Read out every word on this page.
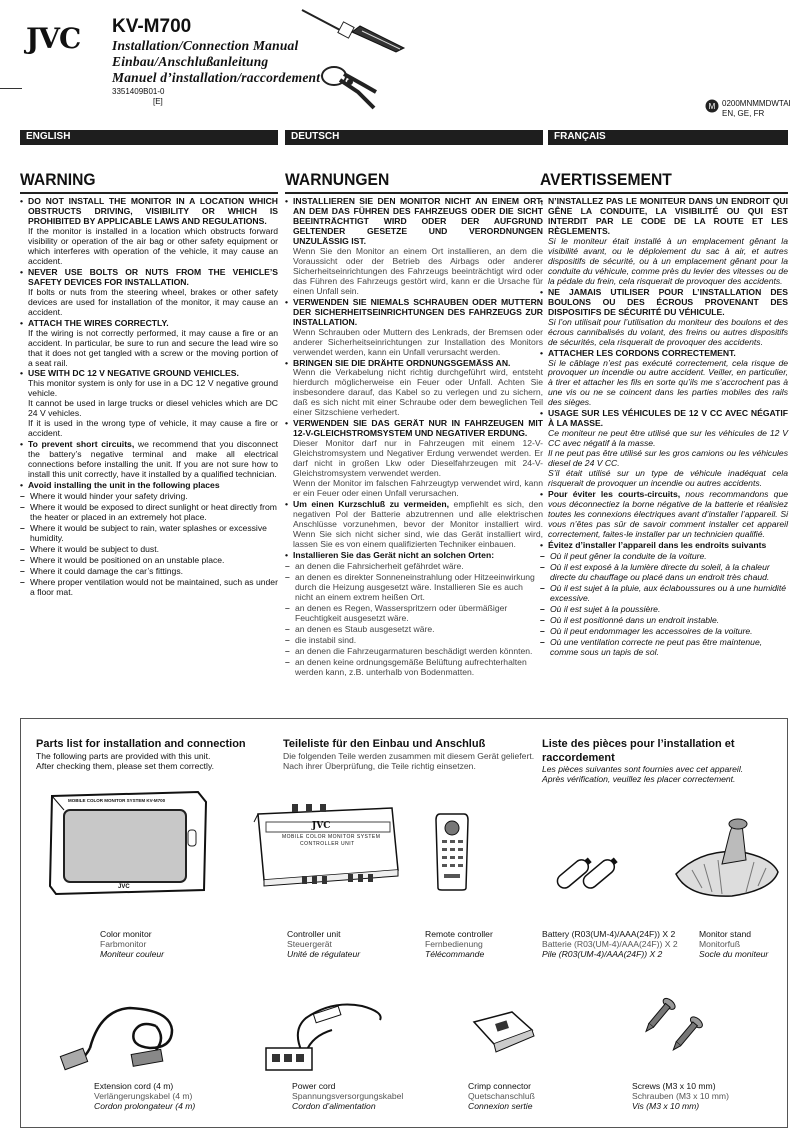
JVC KV-M700
Installation/Connection Manual
Einbau/Anschlußanleitung
Manuel d’installation/raccordement
3351409B01-0
[E]
M 0200MNMMDWTAI
EN, GE, FR
ENGLISH	DEUTSCH	FRANÇAIS
WARNING	WARNUNGEN	AVERTISSEMENT
• DO NOT INSTALL THE MONITOR IN A LOCATION WHICH OBSTRUCTS DRIVING, VISIBILITY OR WHICH IS PROHIBITED BY APPLICABLE LAWS AND REGULATIONS.
If the monitor is installed in a location which obstructs forward visibility or operation of the air bag or other safety equipment or which interferes with operation of the vehicle, it may cause an accident.
• NEVER USE BOLTS OR NUTS FROM THE VEHICLE’S SAFETY DEVICES FOR INSTALLATION.
If bolts or nuts from the steering wheel, brakes or other safety devices are used for installation of the monitor, it may cause an accident.
• ATTACH THE WIRES CORRECTLY.
If the wiring is not correctly performed, it may cause a fire or an accident. In particular, be sure to run and secure the lead wire so that it does not get tangled with a screw or the moving portion of a seat rail.
• USE WITH DC 12 V NEGATIVE GROUND VEHICLES.
This monitor system is only for use in a DC 12 V negative ground vehicle.
It cannot be used in large trucks or diesel vehicles which are DC 24 V vehicles.
If it is used in the wrong type of vehicle, it may cause a fire or accident.
• To prevent short circuits, we recommend that you disconnect the battery’s negative terminal and make all electrical connections before installing the unit. If you are not sure how to install this unit correctly, have it installed by a qualified technician.
• Avoid installing the unit in the following places
– Where it would hinder your safety driving.
– Where it would be exposed to direct sunlight or heat directly from the heater or placed in an extremely hot place.
– Where it would be subject to rain, water splashes or excessive humidity.
– Where it would be subject to dust.
– Where it would be positioned on an unstable place.
– Where it could damage the car’s fittings.
– Where proper ventilation would not be maintained, such as under a floor mat.
• INSTALLIEREN SIE DEN MONITOR NICHT AN EINEM ORT, AN DEM DAS FÜHREN DES FAHRZEUGS ODER DIE SICHT BEEINTRÄCHTIGT WIRD ODER DER AUFGRUND GELTENDER GESETZE UND VERORDNUNGEN UNZULÄSSIG IST.
Wenn Sie den Monitor an einem Ort installieren, an dem die Voraussicht oder der Betrieb des Airbags oder anderer Sicherheitseinrichtungen des Fahrzeugs beeinträchtigt wird oder das Führen des Fahrzeugs gestört wird, kann er die Ursache für einen Unfall sein.
• VERWENDEN SIE NIEMALS SCHRAUBEN ODER MUTTERN DER SICHERHEITSEINRICHTUNGEN DES FAHRZEUGS ZUR INSTALLATION.
Wenn Schrauben oder Muttern des Lenkrads, der Bremsen oder anderer Sicherheitseinrichtungen zur Installation des Monitors verwendet werden, kann ein Unfall verursacht werden.
• BRINGEN SIE DIE DRÄHTE ORDNUNGSGEMÄSS AN.
Wenn die Verkabelung nicht richtig durchgeführt wird, entsteht hierdurch möglicherweise ein Feuer oder Unfall. Achten Sie insbesondere darauf, das Kabel so zu verlegen und zu sichern, daß es sich nicht mit einer Schraube oder dem beweglichen Teil einer Sitzschiene verhedert.
• VERWENDEN SIE DAS GERÄT NUR IN FAHRZEUGEN MIT 12-V-GLEICHSTROMSYSTEM UND NEGATIVER ERDUNG.
Dieser Monitor darf nur in Fahrzeugen mit einem 12-V-Gleichstromsystem und Negativer Erdung verwendet werden. Er darf nicht in großen Lkw oder Dieselfahrzeugen mit 24-V-Gleichstromsystem verwendet werden.
Wenn der Monitor im falschen Fahrzeugtyp verwendet wird, kann er ein Feuer oder einen Unfall verursachen.
• Um einen Kurzschluß zu vermeiden, empfiehlt es sich, den negativen Pol der Batterie abzutrennen und alle elektrischen Anschlüsse vorzunehmen, bevor der Monitor installiert wird. Wenn Sie sich nicht sicher sind, wie das Gerät installiert wird, lassen Sie es von einem qualifizierten Techniker einbauen.
• Installieren Sie das Gerät nicht an solchen Orten:
– an denen die Fahrsicherheit gefährdet wäre.
– an denen es direkter Sonneneinstrahlung oder Hitzeeinwirkung durch die Heizung ausgesetzt wäre. Installieren Sie es auch nicht an einem extrem heißen Ort.
– an denen es Regen, Wasserspritzern oder übermäßiger Feuchtigkeit ausgesetzt wäre.
– an denen es Staub ausgesetzt wäre.
– die instabil sind.
– an denen die Fahrzeugarmaturen beschädigt werden könnten.
– an denen keine ordnungsgemäße Belüftung aufrechterhalten werden kann, z.B. unterhalb von Bodenmatten.
• N’INSTALLEZ PAS LE MONITEUR DANS UN ENDROIT QUI GÊNE LA CONDUITE, LA VISIBILITÉ OU QUI EST INTERDIT PAR LE CODE DE LA ROUTE ET LES RÈGLEMENTS.
Si le moniteur était installé à un emplacement gênant la visibilité avant, ou le déploiement du sac à air, et autres dispositifs de sécurité, ou à un emplacement gênant pour la conduite du véhicule, comme près du levier des vitesses ou de la pédale du frein, cela risquerait de provoquer des accidents.
• NE JAMAIS UTILISER POUR L’INSTALLATION DES BOULONS OU DES ÉCROUS PROVENANT DES DISPOSITIFS DE SÉCURITÉ DU VÉHICULE.
Si l’on utilisait pour l’utilisation du moniteur des boulons et des écrous cannibalisés du volant, des freins ou autres dispositifs de sécurités, cela risquerait de provoquer des accidents.
• ATTACHER LES CORDONS CORRECTEMENT.
Si le câblage n’est pas exécuté correctement, cela risque de provoquer un incendie ou autre accident. Veiller, en particulier, à tirer et attacher les fils en sorte qu’ils me s’accrochent pas à une vis ou ne se coincent dans les parties mobiles des rails des sièges.
• USAGE SUR LES VÉHICULES DE 12 V CC AVEC NÉGATIF À LA MASSE.
Ce moniteur ne peut être utilisé que sur les véhicules de 12 V CC avec négatif à la masse.
Il ne peut pas être utilisé sur les gros camions ou les véhicules diesel de 24 V CC.
S’il était utilisé sur un type de véhicule inadéquat cela risquerait de provoquer un incendie ou autres accidents.
• Pour éviter les courts-circuits, nous recommandons que vous déconnectiez la borne négative de la batterie et réalisiez toutes les connexions électriques avant d’installer l’appareil. Si vous n’êtes pas sûr de savoir comment installer cet appareil correctement, faites-le installer par un technicien qualifié.
• Évitez d’installer l’appareil dans les endroits suivants
– Où il peut gêner la conduite de la voiture.
– Où il est exposé à la lumière directe du soleil, à la chaleur directe du chauffage ou placé dans un endroit très chaud.
– Où il est sujet à la pluie, aux éclaboussures ou à une humidité excessive.
– Où il est sujet à la poussière.
– Où il est positionné dans un endroit instable.
– Où il peut endommager les accessoires de la voiture.
– Où une ventilation correcte ne peut pas être maintenue, comme sous un tapis de sol.
Parts list for installation and connection
The following parts are provided with this unit.
After checking them, please set them correctly.
Teileliste für den Einbau und Anschluß
Die folgenden Teile werden zusammen mit diesem Gerät geliefert.
Nach ihrer Überprüfung, die Teile richtig einsetzen.
Liste des pièces pour l’installation et raccordement
Les pièces suivantes sont fournies avec cet appareil.
Après vérification, veuillez les placer correctement.
MOBILE COLOR MONITOR SYSTEM KV-M700
JVC
JVC
MOBILE COLOR MONITOR SYSTEM
CONTROLLER UNIT
Color monitor
Farbmonitor
Moniteur couleur
Controller unit
Steuergerät
Unité de régulateur
Remote controller
Fernbedienung
Télécommande
Battery (R03(UM-4)/AAA(24F)) X 2
Batterie (R03(UM-4)/AAA(24F)) X 2
Pile (R03(UM-4)/AAA(24F)) X 2
Monitor stand
Monitorfuß
Socle du moniteur
Extension cord (4 m)
Verlängerungskabel (4 m)
Cordon prolongateur (4 m)
Power cord
Spannungsversorgungskabel
Cordon d’alimentation
Crimp connector
Quetschanschluß
Connexion sertie
Screws (M3 x 10 mm)
Schrauben (M3 x 10 mm)
Vis (M3 x 10 mm)
